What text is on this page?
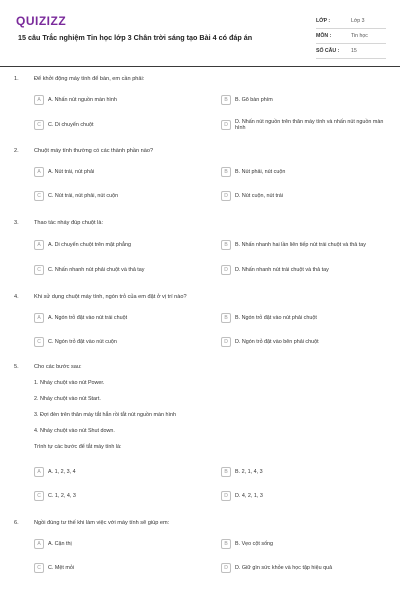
QUIZIZZ
15 câu Trắc nghiệm Tin học lớp 3 Chân trời sáng tạo Bài 4 có đáp án
LỚP :	Lớp 3
MÔN :	Tin học
SỐ CÂU :	15
1.	Để khởi động máy tính để bàn, em cần phải:
A	A. Nhấn nút nguồn màn hình	B	B. Gõ bàn phím
C	C. Di chuyển chuột	D	D. Nhấn nút nguồn trên thân máy tính và nhấn nút nguồn màn hình
2.	Chuột máy tính thường có các thành phần nào?
A	A. Nút trái, nút phải	B	B. Nút phải, nút cuộn
C	C. Nút trái, nút phải, nút cuộn	D	D. Nút cuộn, nút trái
3.	Thao tác nháy đúp chuột là:
A	A. Di chuyển chuột trên mặt phẳng	B	B. Nhấn nhanh hai lần liên tiếp nút trái chuột và thả tay
C	C. Nhấn nhanh nút phải chuột và thả tay	D	D. Nhấn nhanh nút trái chuột và thả tay
4.	Khi sử dụng chuột máy tính, ngón trỏ của em đặt ở vị trí nào?
A	A. Ngón trỏ đặt vào nút trái chuột	B	B. Ngón trỏ đặt vào nút phải chuột
C	C. Ngón trỏ đặt vào nút cuộn	D	D. Ngón trỏ đặt vào bên phải chuột
5.	Cho các bước sau:
1. Nháy chuột vào nút Power.
2. Nháy chuột vào nút Start.
3. Đợi đèn trên thân máy tắt hẳn rồi tắt nút nguồn màn hình
4. Nháy chuột vào nút Shut down.
Trình tự các bước để tắt máy tính là:
A	A. 1, 2, 3, 4	B	B. 2, 1, 4, 3
C	C. 1, 2, 4, 3	D	D. 4, 2, 1, 3
6.	Ngồi đúng tư thế khi làm việc với máy tính sẽ giúp em:
A	A. Cận thị	B	B. Vẹo cột sống
C	C. Mệt mỏi	D	D. Giữ gìn sức khỏe và học tập hiệu quả
